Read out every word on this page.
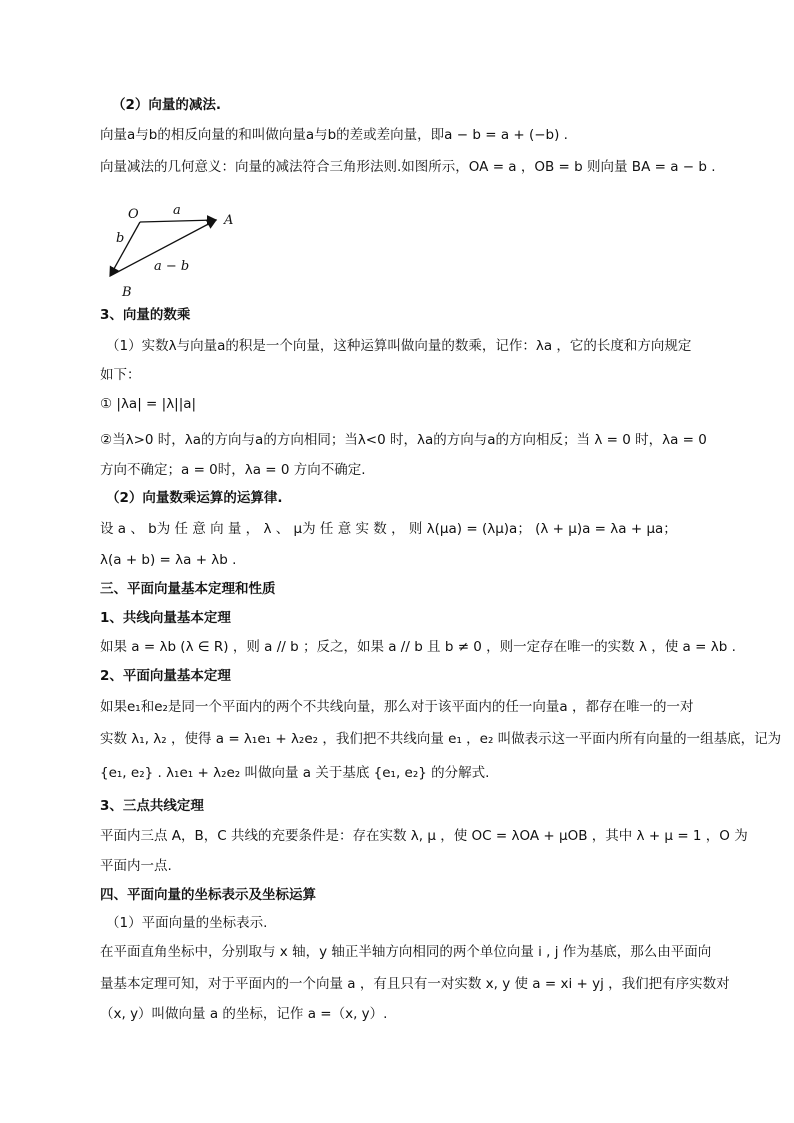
（2）向量的减法.
向量a与b的相反向量的和叫做向量a与b的差或差向量，即a − b = a + (−b) .
向量减法的几何意义：向量的减法符合三角形法则.如图所示，OA = a ，OB = b 则向量 BA = a − b .
O	A
B
a
b
a − b
3、向量的数乘
（1）实数λ与向量a的积是一个向量，这种运算叫做向量的数乘，记作：λa ，它的长度和方向规定
如下：
① |λa| = |λ||a|
②当λ>0 时，λa的方向与a的方向相同；当λ<0 时，λa的方向与a的方向相反；当 λ = 0 时，λa = 0
方向不确定；a = 0时，λa = 0 方向不确定.
（2）向量数乘运算的运算律.
设 a 、 b为 任 意 向 量 ， λ 、 μ为 任 意 实 数 ， 则 λ(μa) = (λμ)a； (λ + μ)a = λa + μa；
λ(a + b) = λa + λb .
三、平面向量基本定理和性质
1、共线向量基本定理
如果 a = λb (λ ∈ R) ，则 a // b ；反之，如果 a // b 且 b ≠ 0 ，则一定存在唯一的实数 λ ，使 a = λb .
2、平面向量基本定理
如果e₁和e₂是同一个平面内的两个不共线向量，那么对于该平面内的任一向量a ，都存在唯一的一对
实数 λ₁, λ₂ ，使得 a = λ₁e₁ + λ₂e₂ ，我们把不共线向量 e₁ ，e₂ 叫做表示这一平面内所有向量的一组基底，记为
{e₁, e₂} . λ₁e₁ + λ₂e₂ 叫做向量 a 关于基底 {e₁, e₂} 的分解式.
3、三点共线定理
平面内三点 A，B，C 共线的充要条件是：存在实数 λ, μ ，使 OC = λOA + μOB ，其中 λ + μ = 1 ，O 为
平面内一点.
四、平面向量的坐标表示及坐标运算
（1）平面向量的坐标表示.
在平面直角坐标中，分别取与 x 轴，y 轴正半轴方向相同的两个单位向量 i , j 作为基底，那么由平面向
量基本定理可知，对于平面内的一个向量 a ，有且只有一对实数 x, y 使 a = xi + yj ，我们把有序实数对
（x, y）叫做向量 a 的坐标，记作 a =（x, y）.
